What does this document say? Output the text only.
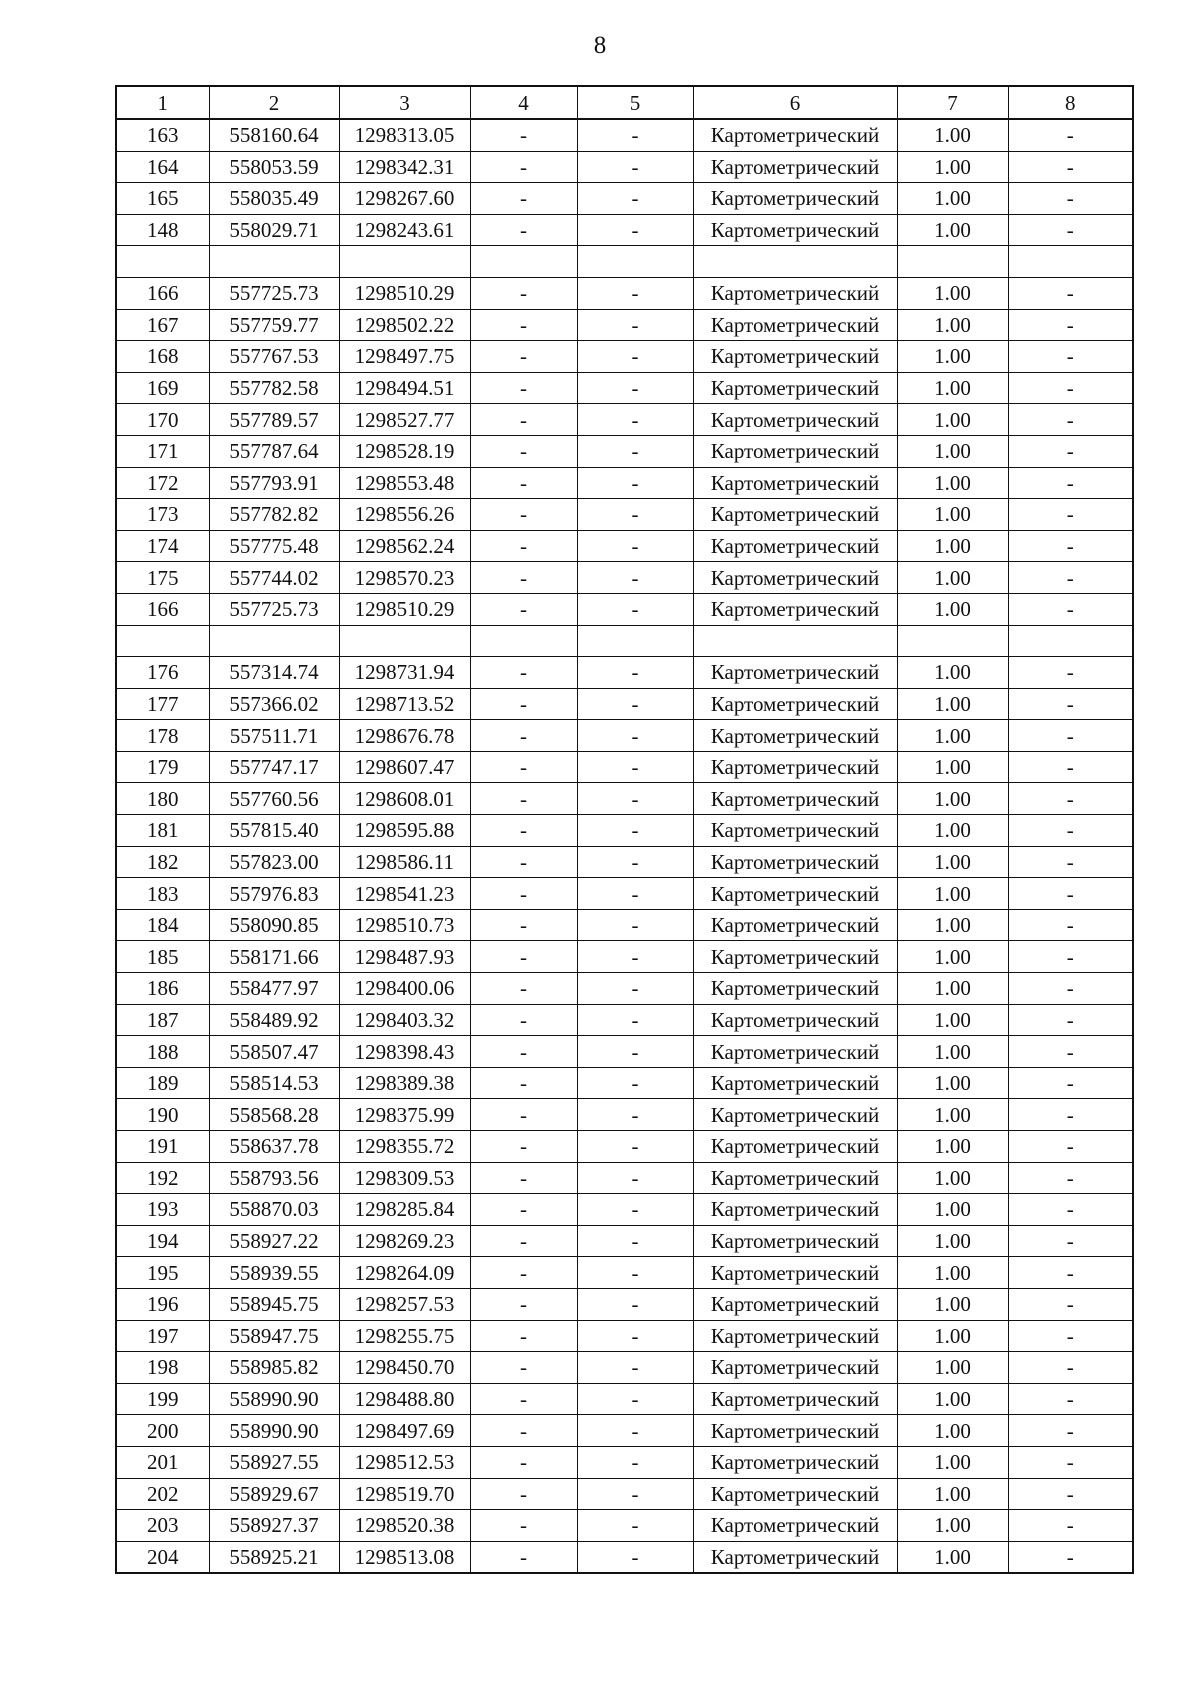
8
1	2	3	4	5	6	7	8
163	558160.64	1298313.05	-	-	Картометрический	1.00	-
164	558053.59	1298342.31	-	-	Картометрический	1.00	-
165	558035.49	1298267.60	-	-	Картометрический	1.00	-
148	558029.71	1298243.61	-	-	Картометрический	1.00	-

166	557725.73	1298510.29	-	-	Картометрический	1.00	-
167	557759.77	1298502.22	-	-	Картометрический	1.00	-
168	557767.53	1298497.75	-	-	Картометрический	1.00	-
169	557782.58	1298494.51	-	-	Картометрический	1.00	-
170	557789.57	1298527.77	-	-	Картометрический	1.00	-
171	557787.64	1298528.19	-	-	Картометрический	1.00	-
172	557793.91	1298553.48	-	-	Картометрический	1.00	-
173	557782.82	1298556.26	-	-	Картометрический	1.00	-
174	557775.48	1298562.24	-	-	Картометрический	1.00	-
175	557744.02	1298570.23	-	-	Картометрический	1.00	-
166	557725.73	1298510.29	-	-	Картометрический	1.00	-

176	557314.74	1298731.94	-	-	Картометрический	1.00	-
177	557366.02	1298713.52	-	-	Картометрический	1.00	-
178	557511.71	1298676.78	-	-	Картометрический	1.00	-
179	557747.17	1298607.47	-	-	Картометрический	1.00	-
180	557760.56	1298608.01	-	-	Картометрический	1.00	-
181	557815.40	1298595.88	-	-	Картометрический	1.00	-
182	557823.00	1298586.11	-	-	Картометрический	1.00	-
183	557976.83	1298541.23	-	-	Картометрический	1.00	-
184	558090.85	1298510.73	-	-	Картометрический	1.00	-
185	558171.66	1298487.93	-	-	Картометрический	1.00	-
186	558477.97	1298400.06	-	-	Картометрический	1.00	-
187	558489.92	1298403.32	-	-	Картометрический	1.00	-
188	558507.47	1298398.43	-	-	Картометрический	1.00	-
189	558514.53	1298389.38	-	-	Картометрический	1.00	-
190	558568.28	1298375.99	-	-	Картометрический	1.00	-
191	558637.78	1298355.72	-	-	Картометрический	1.00	-
192	558793.56	1298309.53	-	-	Картометрический	1.00	-
193	558870.03	1298285.84	-	-	Картометрический	1.00	-
194	558927.22	1298269.23	-	-	Картометрический	1.00	-
195	558939.55	1298264.09	-	-	Картометрический	1.00	-
196	558945.75	1298257.53	-	-	Картометрический	1.00	-
197	558947.75	1298255.75	-	-	Картометрический	1.00	-
198	558985.82	1298450.70	-	-	Картометрический	1.00	-
199	558990.90	1298488.80	-	-	Картометрический	1.00	-
200	558990.90	1298497.69	-	-	Картометрический	1.00	-
201	558927.55	1298512.53	-	-	Картометрический	1.00	-
202	558929.67	1298519.70	-	-	Картометрический	1.00	-
203	558927.37	1298520.38	-	-	Картометрический	1.00	-
204	558925.21	1298513.08	-	-	Картометрический	1.00	-
